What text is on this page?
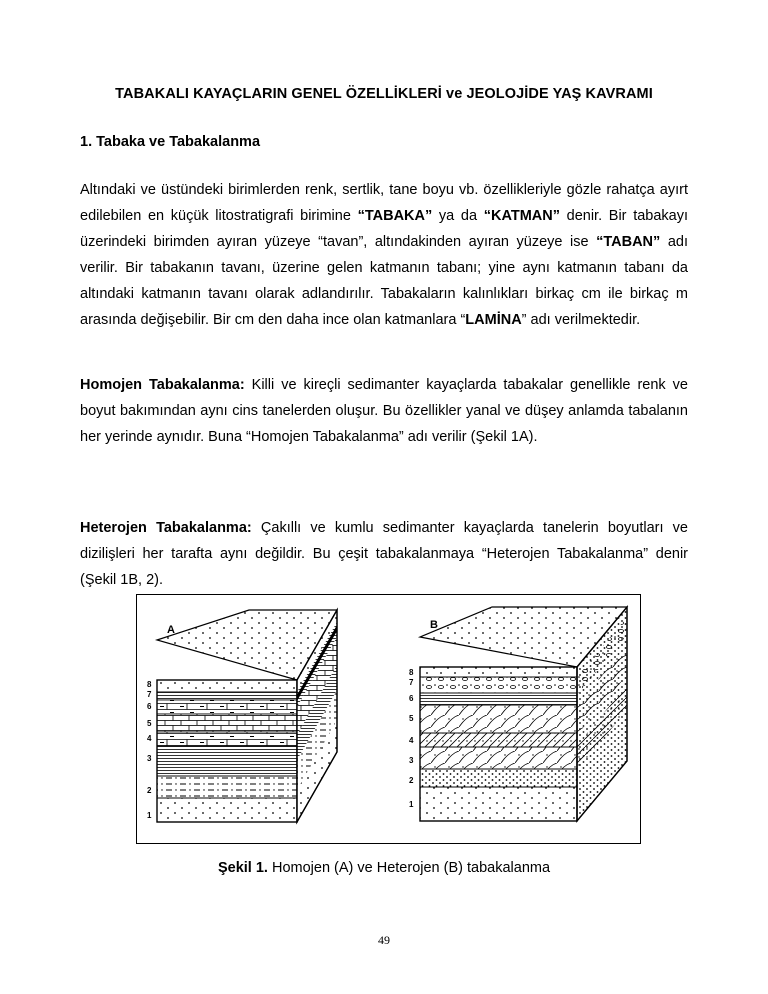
TABAKALI KAYAÇLARIN GENEL ÖZELLİKLERİ ve JEOLOJİDE YAŞ KAVRAMI
1. Tabaka ve Tabakalanma
Altındaki ve üstündeki birimlerden renk, sertlik, tane boyu vb. özellikleriyle gözle rahatça ayırt edilebilen en küçük litostratigrafi birimine “TABAKA” ya da “KATMAN” denir. Bir tabakayı üzerindeki birimden ayıran yüzeye “tavan”, altındakinden ayıran yüzeye ise “TABAN” adı verilir. Bir tabakanın tavanı, üzerine gelen katmanın tabanı; yine aynı katmanın tabanı da altındaki katmanın tavanı olarak adlandırılır. Tabakaların kalınlıkları birkaç cm ile birkaç m arasında değişebilir. Bir cm den daha ince olan katmanlara “LAMİNA” adı verilmektedir.
Homojen Tabakalanma: Killi ve kireçli sedimanter kayaçlarda tabakalar genellikle renk ve boyut bakımından aynı cins tanelerden oluşur. Bu özellikler yanal ve düşey anlamda tabalanın her yerinde aynıdır. Buna “Homojen Tabakalanma” adı verilir (Şekil 1A).
Heterojen Tabakalanma: Çakıllı ve kumlu sedimanter kayaçlarda tanelerin boyutları ve dizilişleri her tarafta aynı değildir. Bu çeşit tabakalanmaya “Heterojen Tabakalanma” denir (Şekil 1B, 2).
A	B
1
2
3
4
5
6
7
8
1
2
3
4
5
6
7
8
Şekil 1. Homojen (A) ve Heterojen (B) tabakalanma
49
